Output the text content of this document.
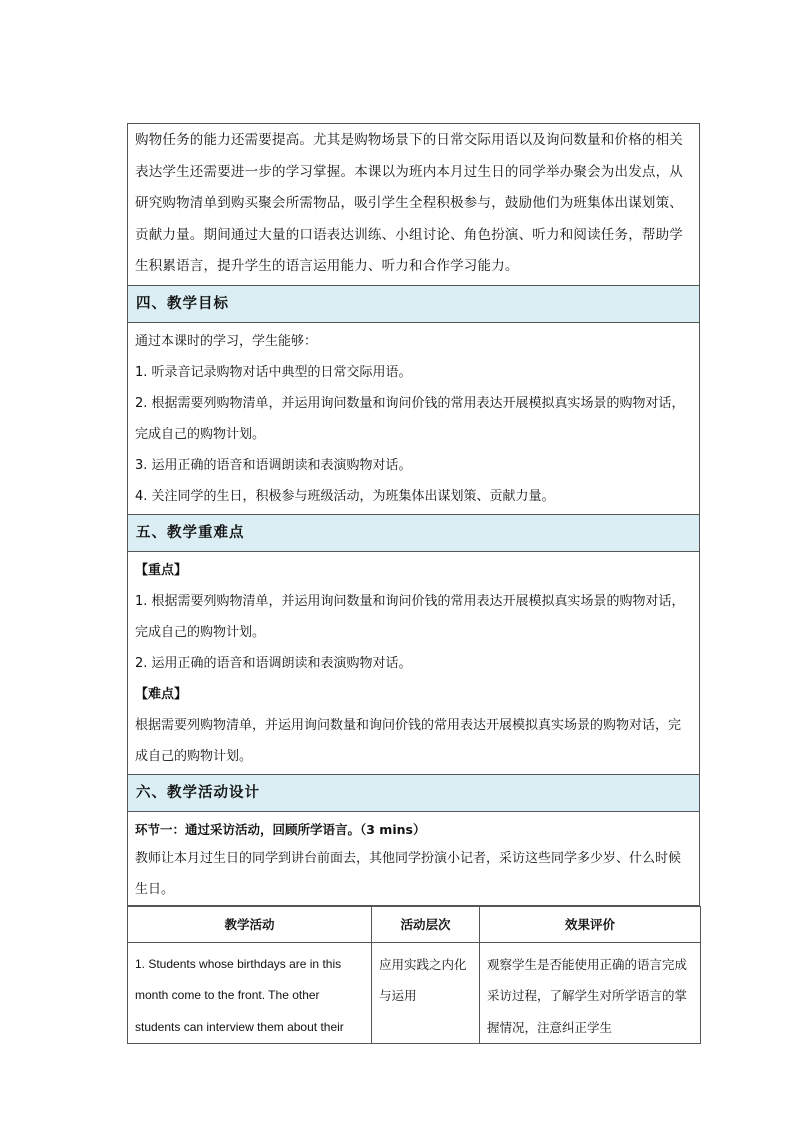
购物任务的能力还需要提高。尤其是购物场景下的日常交际用语以及询问数量和价格的相关表达学生还需要进一步的学习掌握。本课以为班内本月过生日的同学举办聚会为出发点，从研究购物清单到购买聚会所需物品，吸引学生全程积极参与，鼓励他们为班集体出谋划策、贡献力量。期间通过大量的口语表达训练、小组讨论、角色扮演、听力和阅读任务，帮助学生积累语言，提升学生的语言运用能力、听力和合作学习能力。
四、教学目标
通过本课时的学习，学生能够：
1. 听录音记录购物对话中典型的日常交际用语。
2. 根据需要列购物清单，并运用询问数量和询问价钱的常用表达开展模拟真实场景的购物对话，完成自己的购物计划。
3. 运用正确的语音和语调朗读和表演购物对话。
4. 关注同学的生日，积极参与班级活动，为班集体出谋划策、贡献力量。
五、教学重难点
【重点】
1. 根据需要列购物清单，并运用询问数量和询问价钱的常用表达开展模拟真实场景的购物对话，完成自己的购物计划。
2. 运用正确的语音和语调朗读和表演购物对话。
【难点】
根据需要列购物清单，并运用询问数量和询问价钱的常用表达开展模拟真实场景的购物对话，完成自己的购物计划。
六、教学活动设计
环节一：通过采访活动，回顾所学语言。（3 mins）
教师让本月过生日的同学到讲台前面去，其他同学扮演小记者，采访这些同学多少岁、什么时候生日。
教学活动	活动层次	效果评价
1. Students whose birthdays are in this month come to the front. The other students can interview them about their	应用实践之内化与运用	观察学生是否能使用正确的语言完成采访过程，了解学生对所学语言的掌握情况，注意纠正学生
